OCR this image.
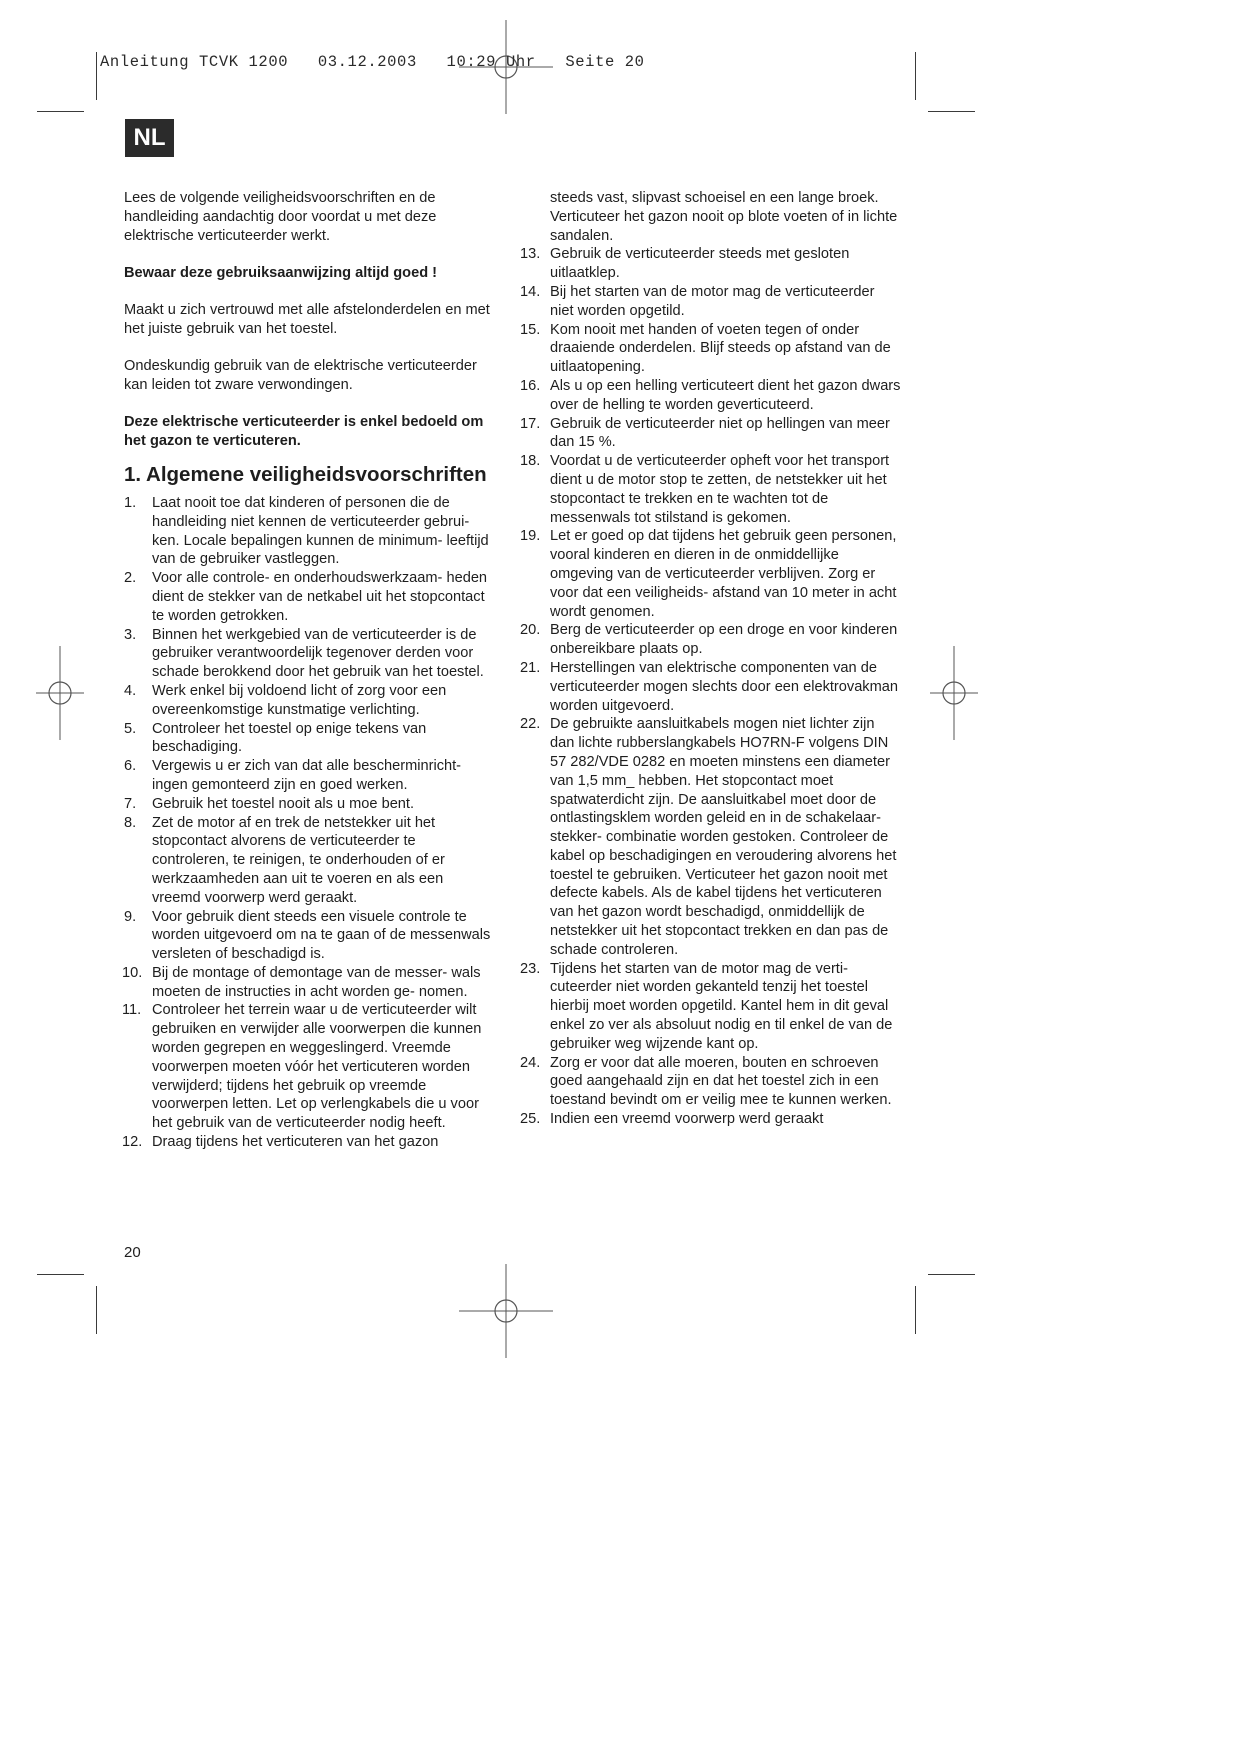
Anleitung TCVK 1200   03.12.2003   10:29 Uhr   Seite 20
NL

Lees de volgende veiligheidsvoorschriften en de handleiding aandachtig door voordat u met deze elektrische verticuteerder werkt.

Bewaar deze gebruiksaanwijzing altijd goed !

Maakt u zich vertrouwd met alle afstelonderdelen en met het juiste gebruik van het toestel.

Ondeskundig gebruik van de elektrische verticuteerder kan leiden tot zware verwondingen.

Deze elektrische verticuteerder is enkel bedoeld om het gazon te verticuteren.

1. Algemene veiligheidsvoorschriften
1. Laat nooit toe dat kinderen of personen die de handleiding niet kennen de verticuteerder gebrui- ken. Locale bepalingen kunnen de minimum- leeftijd van de gebruiker vastleggen.
2. Voor alle controle- en onderhoudswerkzaam- heden dient de stekker van de netkabel uit het stopcontact te worden getrokken.
3. Binnen het werkgebied van de verticuteerder is de gebruiker verantwoordelijk tegenover derden voor schade berokkend door het gebruik van het toestel.
4. Werk enkel bij voldoend licht of zorg voor een overeenkomstige kunstmatige verlichting.
5. Controleer het toestel op enige tekens van beschadiging.
6. Vergewis u er zich van dat alle bescherminricht- ingen gemonteerd zijn en goed werken.
7. Gebruik het toestel nooit als u moe bent.
8. Zet de motor af en trek de netstekker uit het stopcontact alvorens de verticuteerder te controleren, te reinigen, te onderhouden of er werkzaamheden aan uit te voeren en als een vreemd voorwerp werd geraakt.
9. Voor gebruik dient steeds een visuele controle te worden uitgevoerd om na te gaan of de messenwals versleten of beschadigd is.
10. Bij de montage of demontage van de messer- wals moeten de instructies in acht worden ge- nomen.
11. Controleer het terrein waar u de verticuteerder wilt gebruiken en verwijder alle voorwerpen die kunnen worden gegrepen en weggeslingerd. Vreemde voorwerpen moeten vóór het verticuteren worden verwijderd; tijdens het gebruik op vreemde voorwerpen letten. Let op verlengkabels die u voor het gebruik van de verticuteerder nodig heeft.
12. Draag tijdens het verticuteren van het gazon
steeds vast, slipvast schoeisel en een lange broek. Verticuteer het gazon nooit op blote voeten of in lichte sandalen.
13. Gebruik de verticuteerder steeds met gesloten uitlaatklep.
14. Bij het starten van de motor mag de verticuteerder niet worden opgetild.
15. Kom nooit met handen of voeten tegen of onder draaiende onderdelen. Blijf steeds op afstand van de uitlaatopening.
16. Als u op een helling verticuteert dient het gazon dwars over de helling te worden geverticuteerd.
17. Gebruik de verticuteerder niet op hellingen van meer dan 15 %.
18. Voordat u de verticuteerder opheft voor het transport dient u de motor stop te zetten, de netstekker uit het stopcontact te trekken en te wachten tot de messenwals tot stilstand is gekomen.
19. Let er goed op dat tijdens het gebruik geen personen, vooral kinderen en dieren in de onmiddellijke omgeving van de verticuteerder verblijven. Zorg er voor dat een veiligheids- afstand van 10 meter in acht wordt genomen.
20. Berg de verticuteerder op een droge en voor kinderen onbereikbare plaats op.
21. Herstellingen van elektrische componenten van de verticuteerder mogen slechts door een elektrovakman worden uitgevoerd.
22. De gebruikte aansluitkabels mogen niet lichter zijn dan lichte rubberslangkabels HO7RN-F volgens DIN 57 282/VDE 0282 en moeten minstens een diameter van 1,5 mm_ hebben. Het stopcontact moet spatwaterdicht zijn. De aansluitkabel moet door de ontlastingsklem worden geleid en in de schakelaar-stekker- combinatie worden gestoken. Controleer de kabel op beschadigingen en veroudering alvorens het toestel te gebruiken. Verticuteer het gazon nooit met defecte kabels. Als de kabel tijdens het verticuteren van het gazon wordt beschadigd, onmiddellijk de netstekker uit het stopcontact trekken en dan pas de schade controleren.
23. Tijdens het starten van de motor mag de verti- cuteerder niet worden gekanteld tenzij het toestel hierbij moet worden opgetild. Kantel hem in dit geval enkel zo ver als absoluut nodig en til enkel de van de gebruiker weg wijzende kant op.
24. Zorg er voor dat alle moeren, bouten en schroeven goed aangehaald zijn en dat het toestel zich in een toestand bevindt om er veilig mee te kunnen werken.
25. Indien een vreemd voorwerp werd geraakt
20
